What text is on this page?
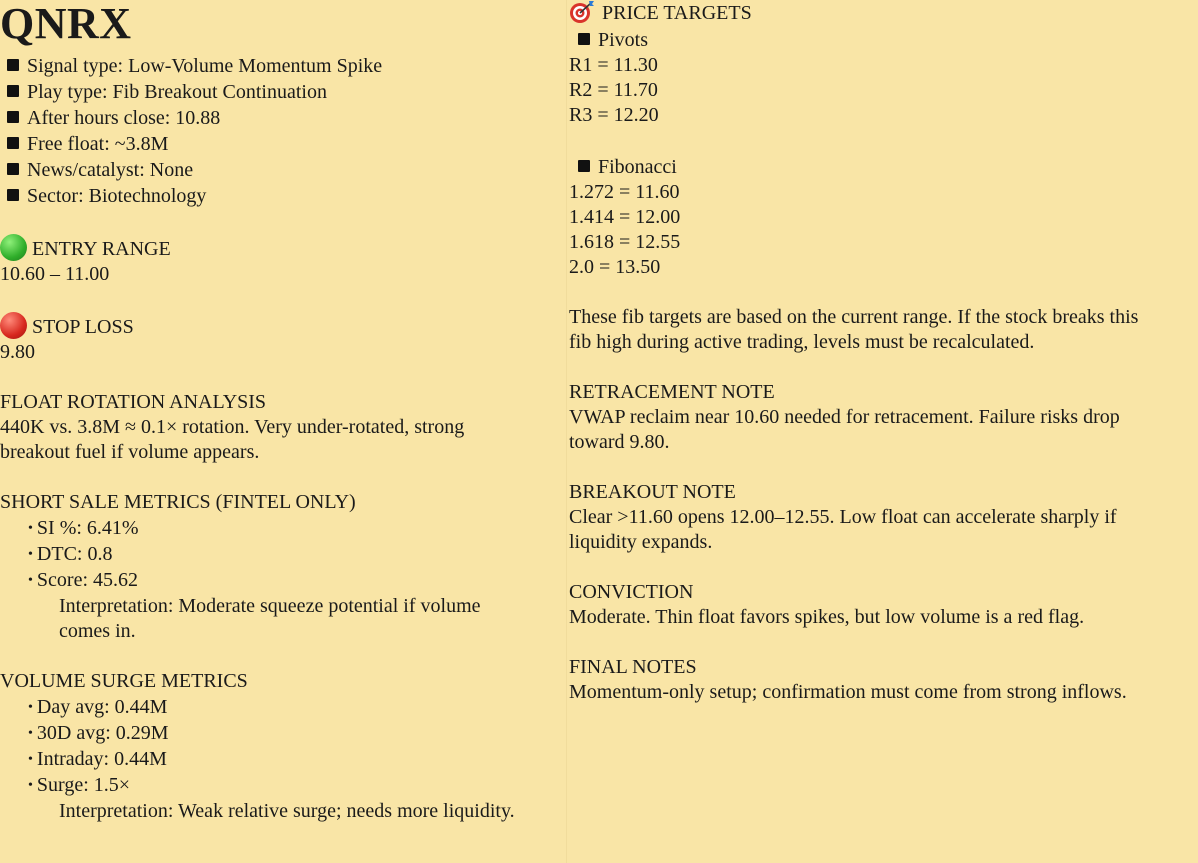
QNRX
Signal type: Low-Volume Momentum Spike
Play type: Fib Breakout Continuation
After hours close: 10.88
Free float: ~3.8M
News/catalyst: None
Sector: Biotechnology
ENTRY RANGE
10.60 – 11.00
STOP LOSS
9.80
FLOAT ROTATION ANALYSIS
440K vs. 3.8M ≈ 0.1× rotation. Very under-rotated, strong
breakout fuel if volume appears.
SHORT SALE METRICS (FINTEL ONLY)
• SI %: 6.41%
• DTC: 0.8
• Score: 45.62
Interpretation: Moderate squeeze potential if volume
comes in.
VOLUME SURGE METRICS
• Day avg: 0.44M
• 30D avg: 0.29M
• Intraday: 0.44M
• Surge: 1.5×
Interpretation: Weak relative surge; needs more liquidity.
PRICE TARGETS
Pivots
R1 = 11.30
R2 = 11.70
R3 = 12.20
Fibonacci
1.272 = 11.60
1.414 = 12.00
1.618 = 12.55
2.0 = 13.50
These fib targets are based on the current range. If the stock breaks this
fib high during active trading, levels must be recalculated.
RETRACEMENT NOTE
VWAP reclaim near 10.60 needed for retracement. Failure risks drop
toward 9.80.
BREAKOUT NOTE
Clear >11.60 opens 12.00–12.55. Low float can accelerate sharply if
liquidity expands.
CONVICTION
Moderate. Thin float favors spikes, but low volume is a red flag.
FINAL NOTES
Momentum-only setup; confirmation must come from strong inflows.
